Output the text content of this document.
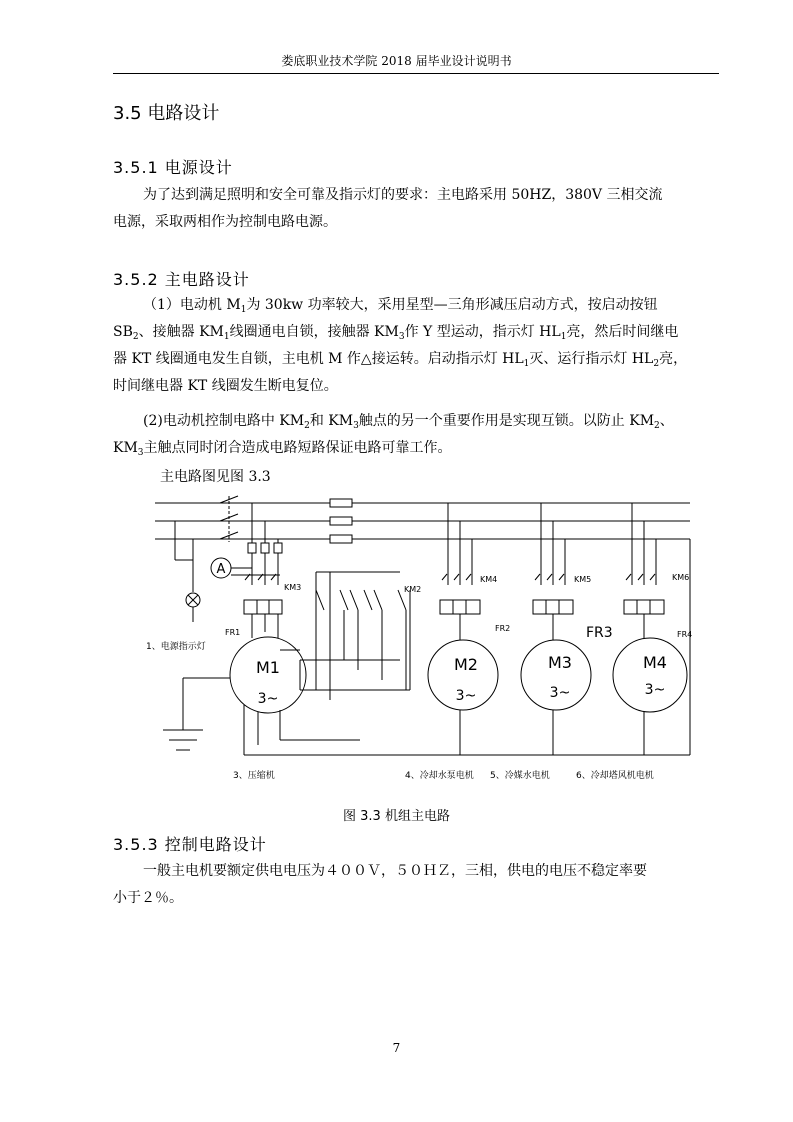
娄底职业技术学院 2018 届毕业设计说明书
3.5 电路设计
3.5.1 电源设计
为了达到满足照明和安全可靠及指示灯的要求：主电路采用 50HZ，380V 三相交流
电源，采取两相作为控制电路电源。
3.5.2 主电路设计
（1）电动机 $M_1$为 30kw 功率较大，采用星型—三角形减压启动方式，按启动按钮
$SB_2$、接触器 $KM_1$线圈通电自锁，接触器 $KM_3$作 Y 型运动，指示灯 $HL_1$亮，然后时间继电
器 KT 线圈通电发生自锁，主电机 M 作△接运转。启动指示灯 $HL_1$灭、运行指示灯 $HL_2$亮，
时间继电器 KT 线圈发生断电复位。
(2)电动机控制电路中 $KM_2$和 $KM_3$触点的另一个重要作用是实现互锁。以防止 $KM_2$、
$KM_3$主触点同时闭合造成电路短路保证电路可靠工作。
主电路图见图 3.3
A
KM3	KM2
KM4	KM5	KM6
FR1	FR2	FR3	FR4
M1
3~
M2
3~
M3
3~
M4
3~
1、电源指示灯
3、压缩机	4、冷却水泵电机 5、冷媒水电机	6、冷却塔风机电机
图 3.3 机组主电路
3.5.3 控制电路设计
一般主电机要额定供电电压为４００Ｖ，５０ＨＺ，三相，供电的电压不稳定率要
小于２％。
7
